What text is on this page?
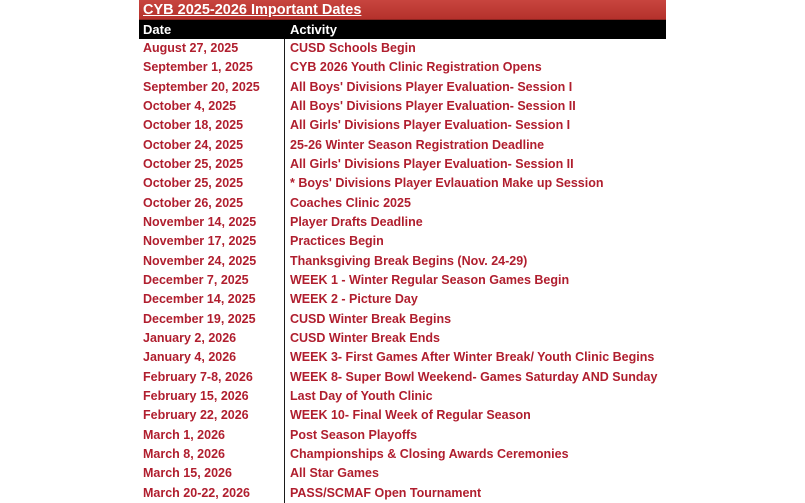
CYB 2025-2026 Important Dates
Date	Activity
August 27, 2025	CUSD Schools Begin
September 1, 2025	CYB 2026 Youth Clinic Registration Opens
September 20, 2025	All Boys' Divisions Player Evaluation- Session I
October 4, 2025	All Boys' Divisions Player Evaluation- Session II
October 18, 2025	All Girls' Divisions Player Evaluation- Session I
October 24, 2025	25-26 Winter Season Registration Deadline
October 25, 2025	All Girls' Divisions Player Evaluation- Session II
October 25, 2025	* Boys' Divisions Player Evlauation Make up Session
October 26, 2025	Coaches Clinic 2025
November 14, 2025	Player Drafts Deadline
November 17, 2025	Practices Begin
November 24, 2025	Thanksgiving Break Begins (Nov. 24-29)
December 7, 2025	WEEK 1 - Winter Regular Season Games Begin
December 14, 2025	WEEK 2 - Picture Day
December 19, 2025	CUSD Winter Break Begins
January 2, 2026	CUSD Winter Break Ends
January 4, 2026	WEEK 3- First Games After Winter Break/ Youth Clinic Begins
February 7-8, 2026	WEEK 8- Super Bowl Weekend- Games Saturday AND Sunday
February 15, 2026	Last Day of Youth Clinic
February 22, 2026	WEEK 10- Final Week of Regular Season
March 1, 2026	Post Season Playoffs
March 8, 2026	Championships & Closing Awards Ceremonies
March 15, 2026	All Star Games
March 20-22, 2026	PASS/SCMAF Open Tournament
